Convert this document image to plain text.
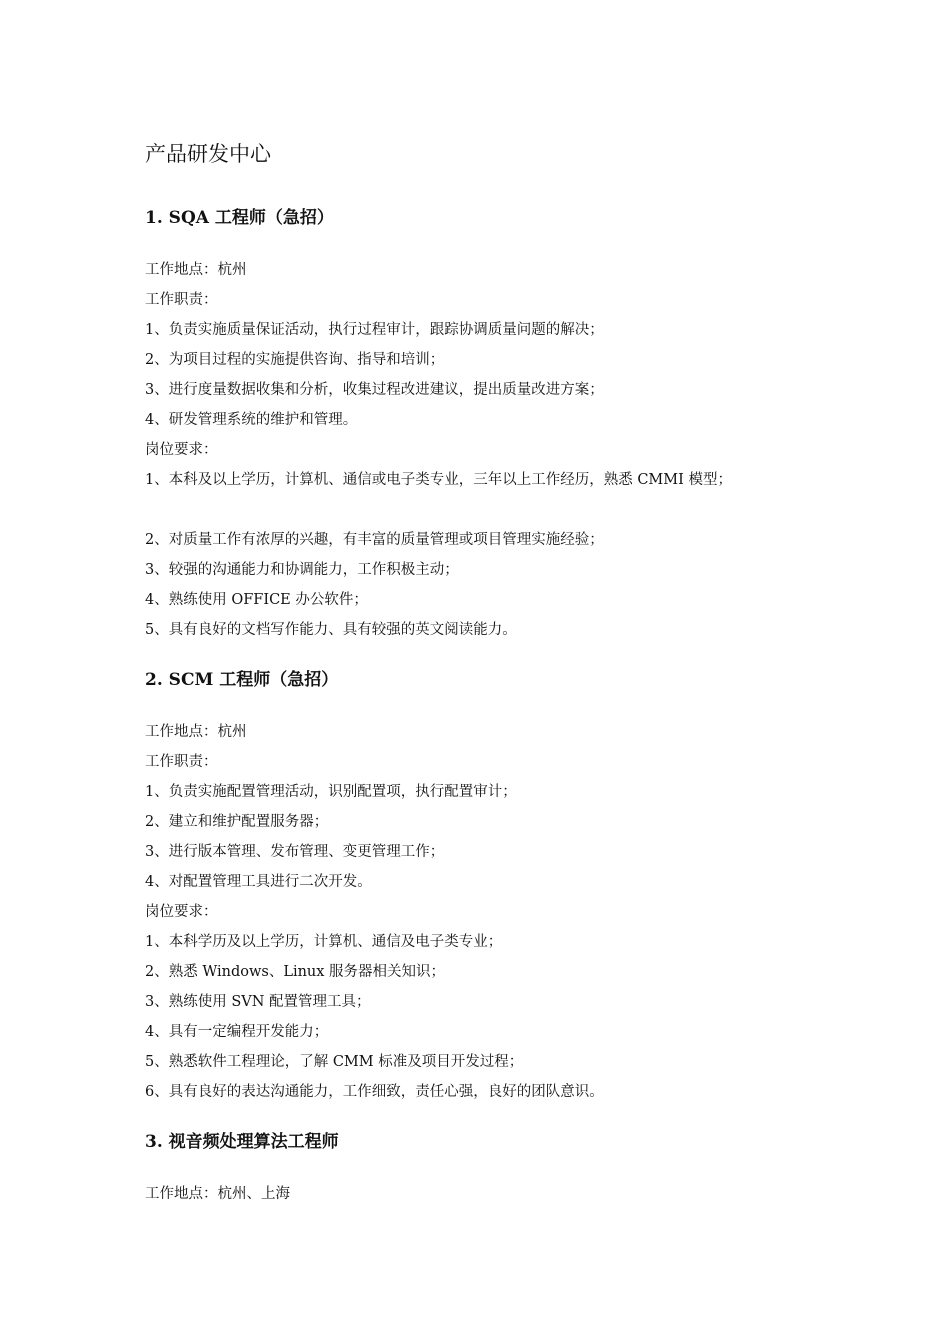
产品研发中心
1. SQA 工程师（急招）
工作地点：杭州
工作职责：
1、负责实施质量保证活动，执行过程审计，跟踪协调质量问题的解决；
2、为项目过程的实施提供咨询、指导和培训；
3、进行度量数据收集和分析，收集过程改进建议，提出质量改进方案；
4、研发管理系统的维护和管理。
岗位要求：
1、本科及以上学历，计算机、通信或电子类专业，三年以上工作经历，熟悉 CMMI 模型；
2、对质量工作有浓厚的兴趣，有丰富的质量管理或项目管理实施经验；
3、较强的沟通能力和协调能力，工作积极主动；
4、熟练使用 OFFICE 办公软件；
5、具有良好的文档写作能力、具有较强的英文阅读能力。
2. SCM 工程师（急招）
工作地点：杭州
工作职责：
1、负责实施配置管理活动，识别配置项，执行配置审计；
2、建立和维护配置服务器；
3、进行版本管理、发布管理、变更管理工作；
4、对配置管理工具进行二次开发。
岗位要求：
1、本科学历及以上学历，计算机、通信及电子类专业；
2、熟悉 Windows、Linux 服务器相关知识；
3、熟练使用 SVN 配置管理工具；
4、具有一定编程开发能力；
5、熟悉软件工程理论，了解 CMM 标准及项目开发过程；
6、具有良好的表达沟通能力，工作细致，责任心强，良好的团队意识。
3. 视音频处理算法工程师
工作地点：杭州、上海
